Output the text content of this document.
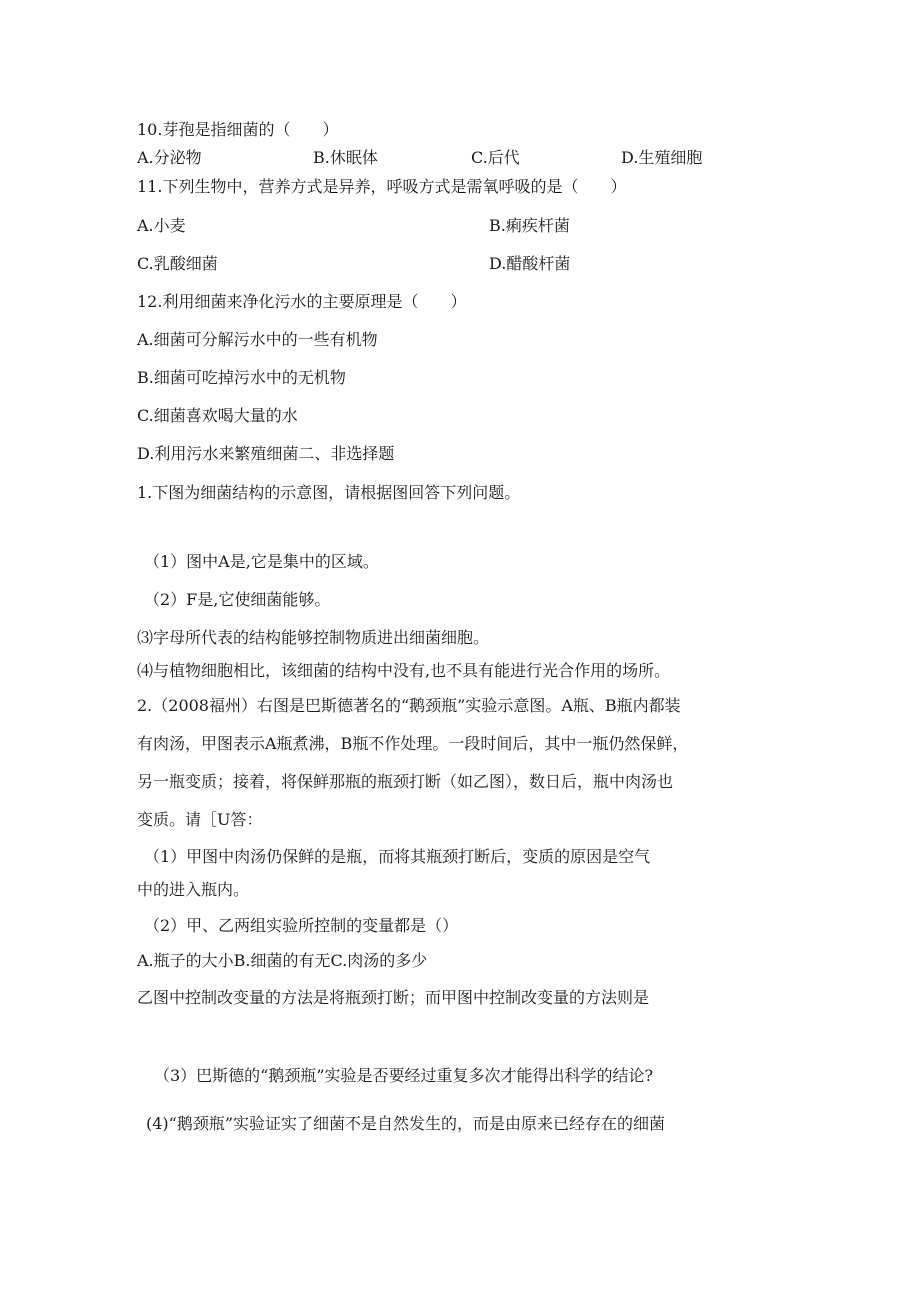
10.芽孢是指细菌的（　　）
A.分泌物	B.休眠体	C.后代	D.生殖细胞
11.下列生物中，营养方式是异养，呼吸方式是需氧呼吸的是（　　）
A.小麦	B.痢疾杆菌
C.乳酸细菌	D.醋酸杆菌
12.利用细菌来净化污水的主要原理是（　　）
A.细菌可分解污水中的一些有机物
B.细菌可吃掉污水中的无机物
C.细菌喜欢喝大量的水
D.利用污水来繁殖细菌二、非选择题
1.下图为细菌结构的示意图，请根据图回答下列问题。
（1）图中A是,它是集中的区域。
（2）F是,它使细菌能够。
⑶字母所代表的结构能够控制物质进出细菌细胞。
⑷与植物细胞相比，该细菌的结构中没有,也不具有能进行光合作用的场所。
2.（2008福州）右图是巴斯德著名的“鹅颈瓶”实验示意图。A瓶、B瓶内都装
有肉汤，甲图表示A瓶煮沸，B瓶不作处理。一段时间后，其中一瓶仍然保鲜，
另一瓶变质；接着，将保鲜那瓶的瓶颈打断（如乙图），数日后，瓶中肉汤也
变质。请［U答：
（1）甲图中肉汤仍保鲜的是瓶，而将其瓶颈打断后，变质的原因是空气
中的进入瓶内。
（2）甲、乙两组实验所控制的变量都是（）
A.瓶子的大小B.细菌的有无C.肉汤的多少
乙图中控制改变量的方法是将瓶颈打断；而甲图中控制改变量的方法则是
（3）巴斯德的“鹅颈瓶”实验是否要经过重复多次才能得出科学的结论?
(4)“鹅颈瓶”实验证实了细菌不是自然发生的，而是由原来已经存在的细菌
